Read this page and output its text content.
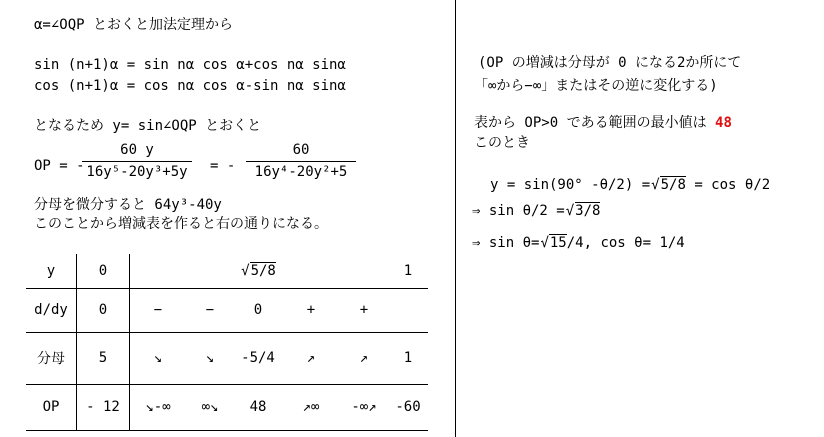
α=∠OQP とおくと加法定理から
sin (n+1)α = sin nα cos α+cos nα sinα
cos (n+1)α = cos nα cos α-sin nα sinα
となるため y= sin∠OQP とおくと
OP = -
60 y
16y⁵-20y³+5y	= -
60
16y⁴-20y²+5
分母を微分すると 64y³-40y
このことから増減表を作ると右の通りになる。
y	0			√ 5/8			1
d/dy	0	−	−	0	+	+	
分母	5	↘	↘	-5/4	↗	↗	1
OP	- 12	↘-∞	∞↘	48	↗∞	-∞↗	-60
(OP の増減は分母が 0 になる2か所にて
「∞から−∞」またはその逆に変化する)
表から OP>0 である範囲の最小値は 48
このとき
y = sin(90° -θ/2) = √ 5/8 = cos θ/2
⇒ sin θ/2 = √ 3/8
⇒ sin θ= √ 15/4, cos θ= 1/4
